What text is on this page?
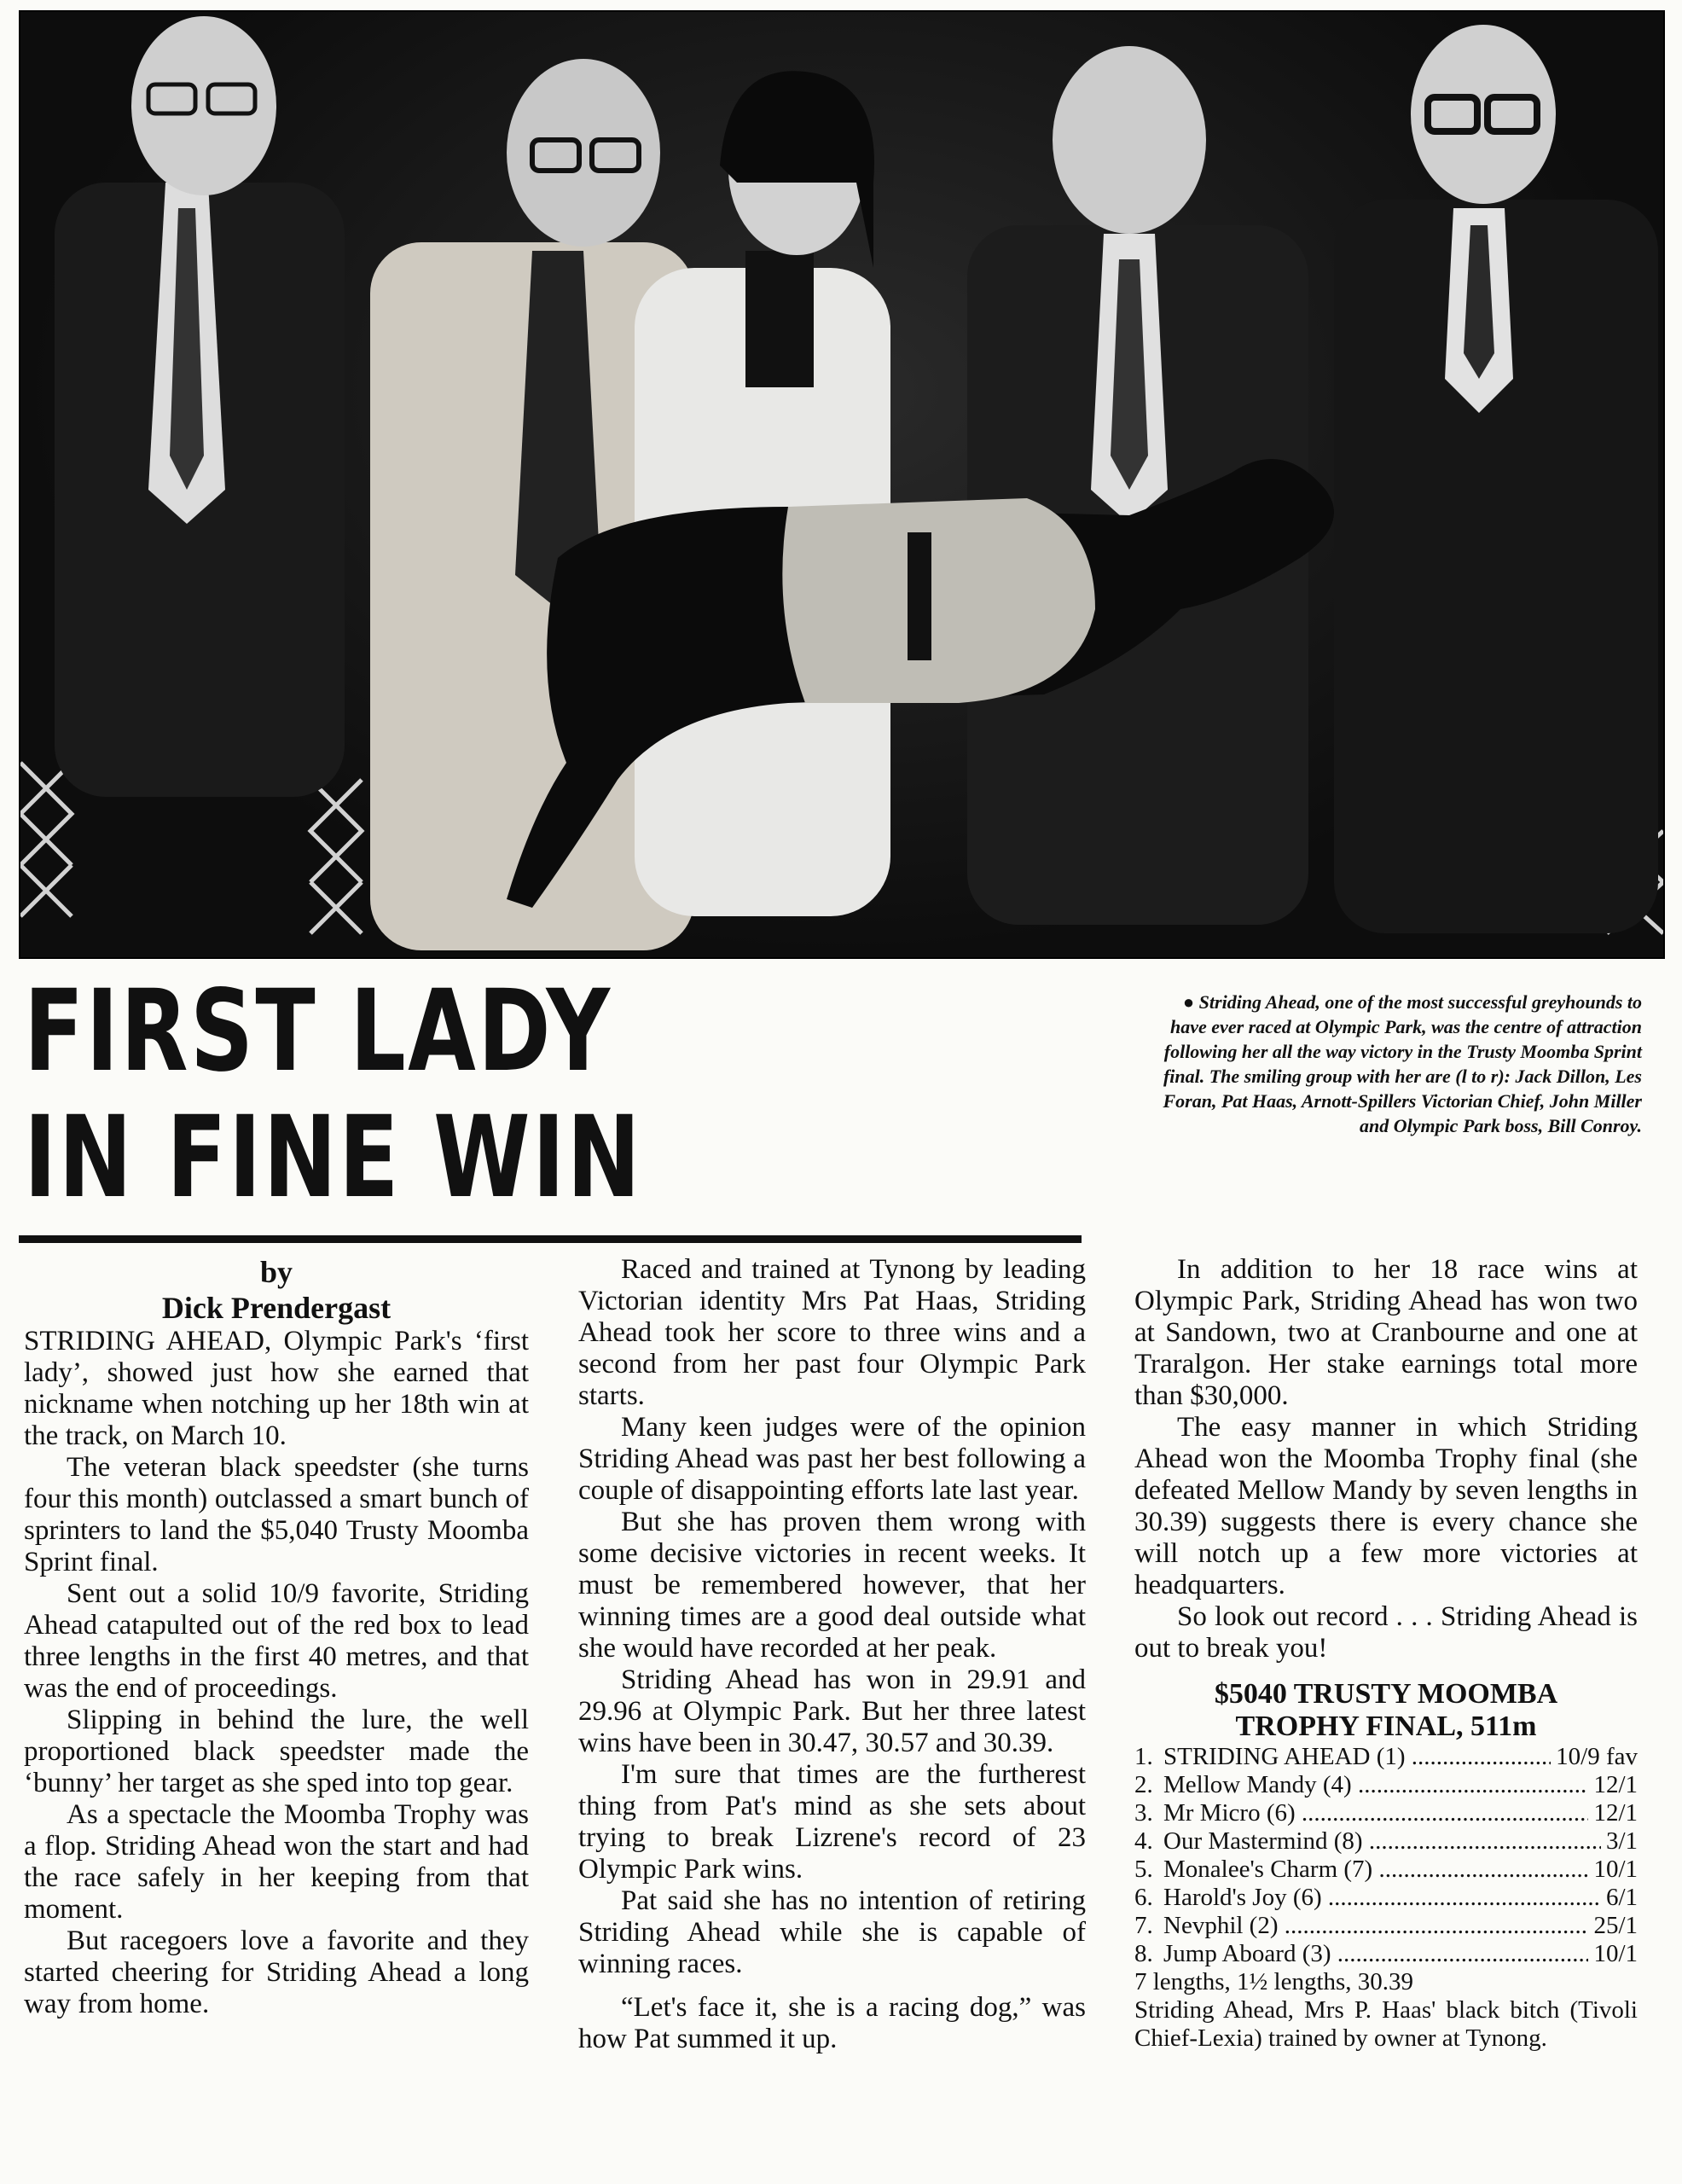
FIRST LADY
IN FINE WIN
● Striding Ahead, one of the most successful greyhounds to have ever raced at Olympic Park, was the centre of attraction following her all the way victory in the Trusty Moomba Sprint final. The smiling group with her are (l to r): Jack Dillon, Les Foran, Pat Haas, Arnott-Spillers Victorian Chief, John Miller and Olympic Park boss, Bill Conroy.
by
Dick Prendergast

STRIDING AHEAD, Olympic Park's ‘first lady’, showed just how she earned that nickname when notching up her 18th win at the track, on March 10.

The veteran black speedster (she turns four this month) outclassed a smart bunch of sprinters to land the $5,040 Trusty Moomba Sprint final.

Sent out a solid 10/9 favorite, Striding Ahead catapulted out of the red box to lead three lengths in the first 40 metres, and that was the end of proceedings.

Slipping in behind the lure, the well proportioned black speedster made the ‘bunny’ her target as she sped into top gear.

As a spectacle the Moomba Trophy was a flop. Striding Ahead won the start and had the race safely in her keeping from that moment.

But racegoers love a favorite and they started cheering for Striding Ahead a long way from home.

Raced and trained at Tynong by leading Victorian identity Mrs Pat Haas, Striding Ahead took her score to three wins and a second from her past four Olympic Park starts.

Many keen judges were of the opinion Striding Ahead was past her best following a couple of disappointing efforts late last year.

But she has proven them wrong with some decisive victories in recent weeks. It must be remembered however, that her winning times are a good deal outside what she would have recorded at her peak.

Striding Ahead has won in 29.91 and 29.96 at Olympic Park. But her three latest wins have been in 30.47, 30.57 and 30.39.

I'm sure that times are the furtherest thing from Pat's mind as she sets about trying to break Lizrene's record of 23 Olympic Park wins.

Pat said she has no intention of retiring Striding Ahead while she is capable of winning races.

“Let's face it, she is a racing dog,” was how Pat summed it up.

In addition to her 18 race wins at Olympic Park, Striding Ahead has won two at Sandown, two at Cranbourne and one at Traralgon. Her stake earnings total more than $30,000.

The easy manner in which Striding Ahead won the Moomba Trophy final (she defeated Mellow Mandy by seven lengths in 30.39) suggests there is every chance she will notch up a few more victories at headquarters.

So look out record . . . Striding Ahead is out to break you!

$5040 TRUSTY MOOMBA
TROPHY FINAL, 511m
1. STRIDING AHEAD (1) .....	10/9 fav
2. Mellow Mandy (4) .....	12/1
3. Mr Micro (6) .....	12/1
4. Our Mastermind (8) .....	3/1
5. Monalee's Charm (7) .....	10/1
6. Harold's Joy (6) .....	6/1
7. Nevphil (2) .....	25/1
8. Jump Aboard (3) .....	10/1
7 lengths, 1½ lengths, 30.39
Striding Ahead, Mrs P. Haas' black bitch (Tivoli Chief-Lexia) trained by owner at Tynong.
